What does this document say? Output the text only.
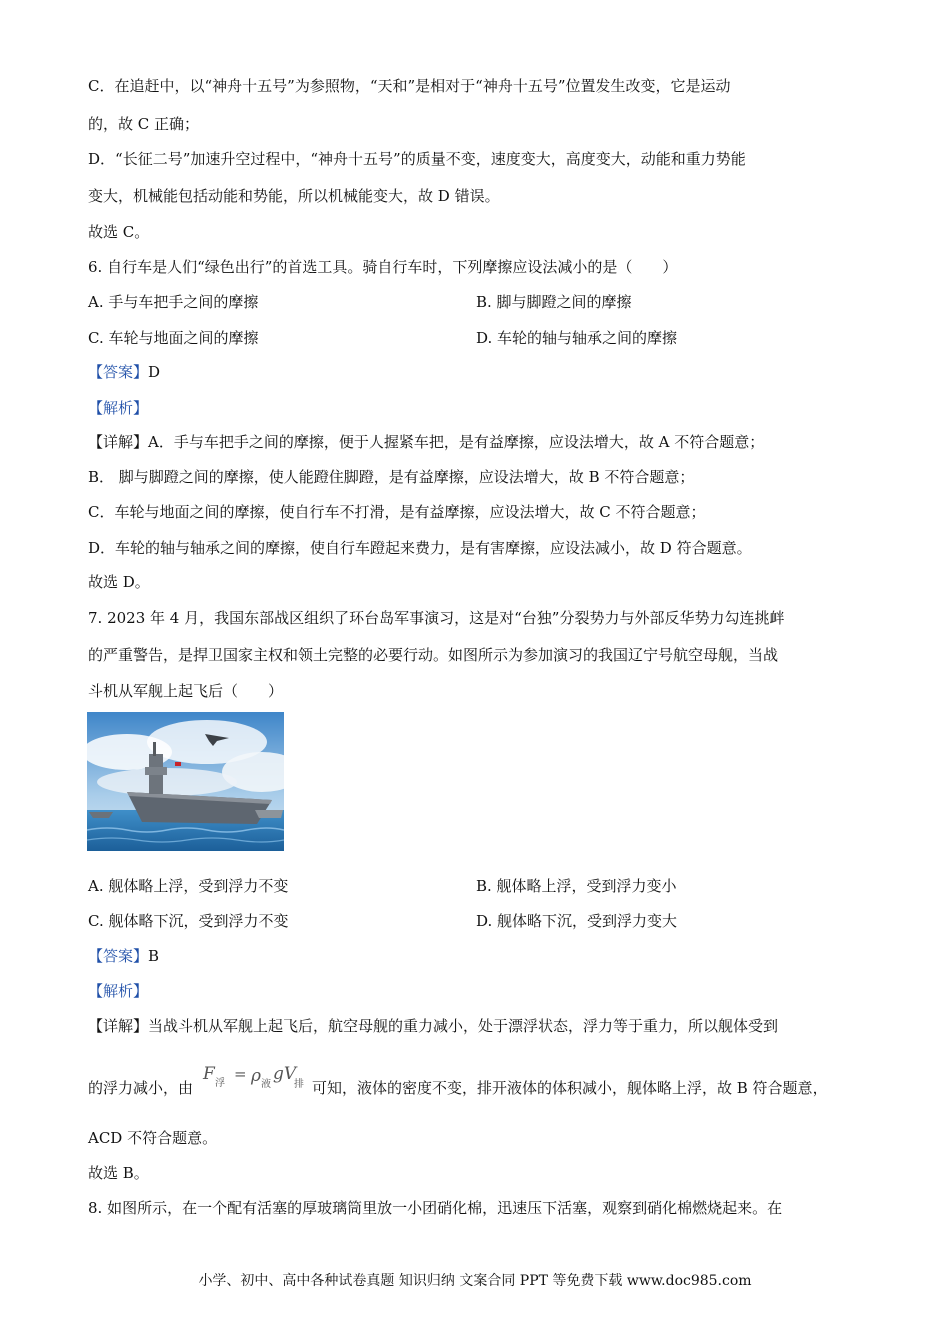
C．在追赶中，以“神舟十五号”为参照物，“天和”是相对于“神舟十五号”位置发生改变，它是运动
的，故 C 正确；
D．“长征二号”加速升空过程中，“神舟十五号”的质量不变，速度变大，高度变大，动能和重力势能
变大，机械能包括动能和势能，所以机械能变大，故 D 错误。
故选 C。
6. 自行车是人们“绿色出行”的首选工具。骑自行车时，下列摩擦应设法减小的是（　　）
A. 手与车把手之间的摩擦	B. 脚与脚蹬之间的摩擦
C. 车轮与地面之间的摩擦	D. 车轮的轴与轴承之间的摩擦
【答案】D
【解析】
【详解】A．手与车把手之间的摩擦，便于人握紧车把，是有益摩擦，应设法增大，故 A 不符合题意；
B． 脚与脚蹬之间的摩擦，使人能蹬住脚蹬，是有益摩擦，应设法增大，故 B 不符合题意；
C．车轮与地面之间的摩擦，使自行车不打滑，是有益摩擦，应设法增大，故 C 不符合题意；
D．车轮的轴与轴承之间的摩擦，使自行车蹬起来费力，是有害摩擦，应设法减小，故 D 符合题意。
故选 D。
7. 2023 年 4 月，我国东部战区组织了环台岛军事演习，这是对“台独”分裂势力与外部反华势力勾连挑衅
的严重警告，是捍卫国家主权和领土完整的必要行动。如图所示为参加演习的我国辽宁号航空母舰，当战
斗机从军舰上起飞后（　　）
A. 舰体略上浮，受到浮力不变	B. 舰体略上浮，受到浮力变小
C. 舰体略下沉，受到浮力不变	D. 舰体略下沉，受到浮力变大
【答案】B
【解析】
【详解】当战斗机从军舰上起飞后，航空母舰的重力减小，处于漂浮状态，浮力等于重力，所以舰体受到
的浮力减小，由
F 浮
= ρ 液
gV
排 可知，液体的密度不变，排开液体的体积减小，舰体略上浮，故 B 符合题意，
ACD 不符合题意。
故选 B。
8. 如图所示，在一个配有活塞的厚玻璃筒里放一小团硝化棉，迅速压下活塞，观察到硝化棉燃烧起来。在
小学、初中、高中各种试卷真题 知识归纳 文案合同 PPT 等免费下载 www.doc985.com
